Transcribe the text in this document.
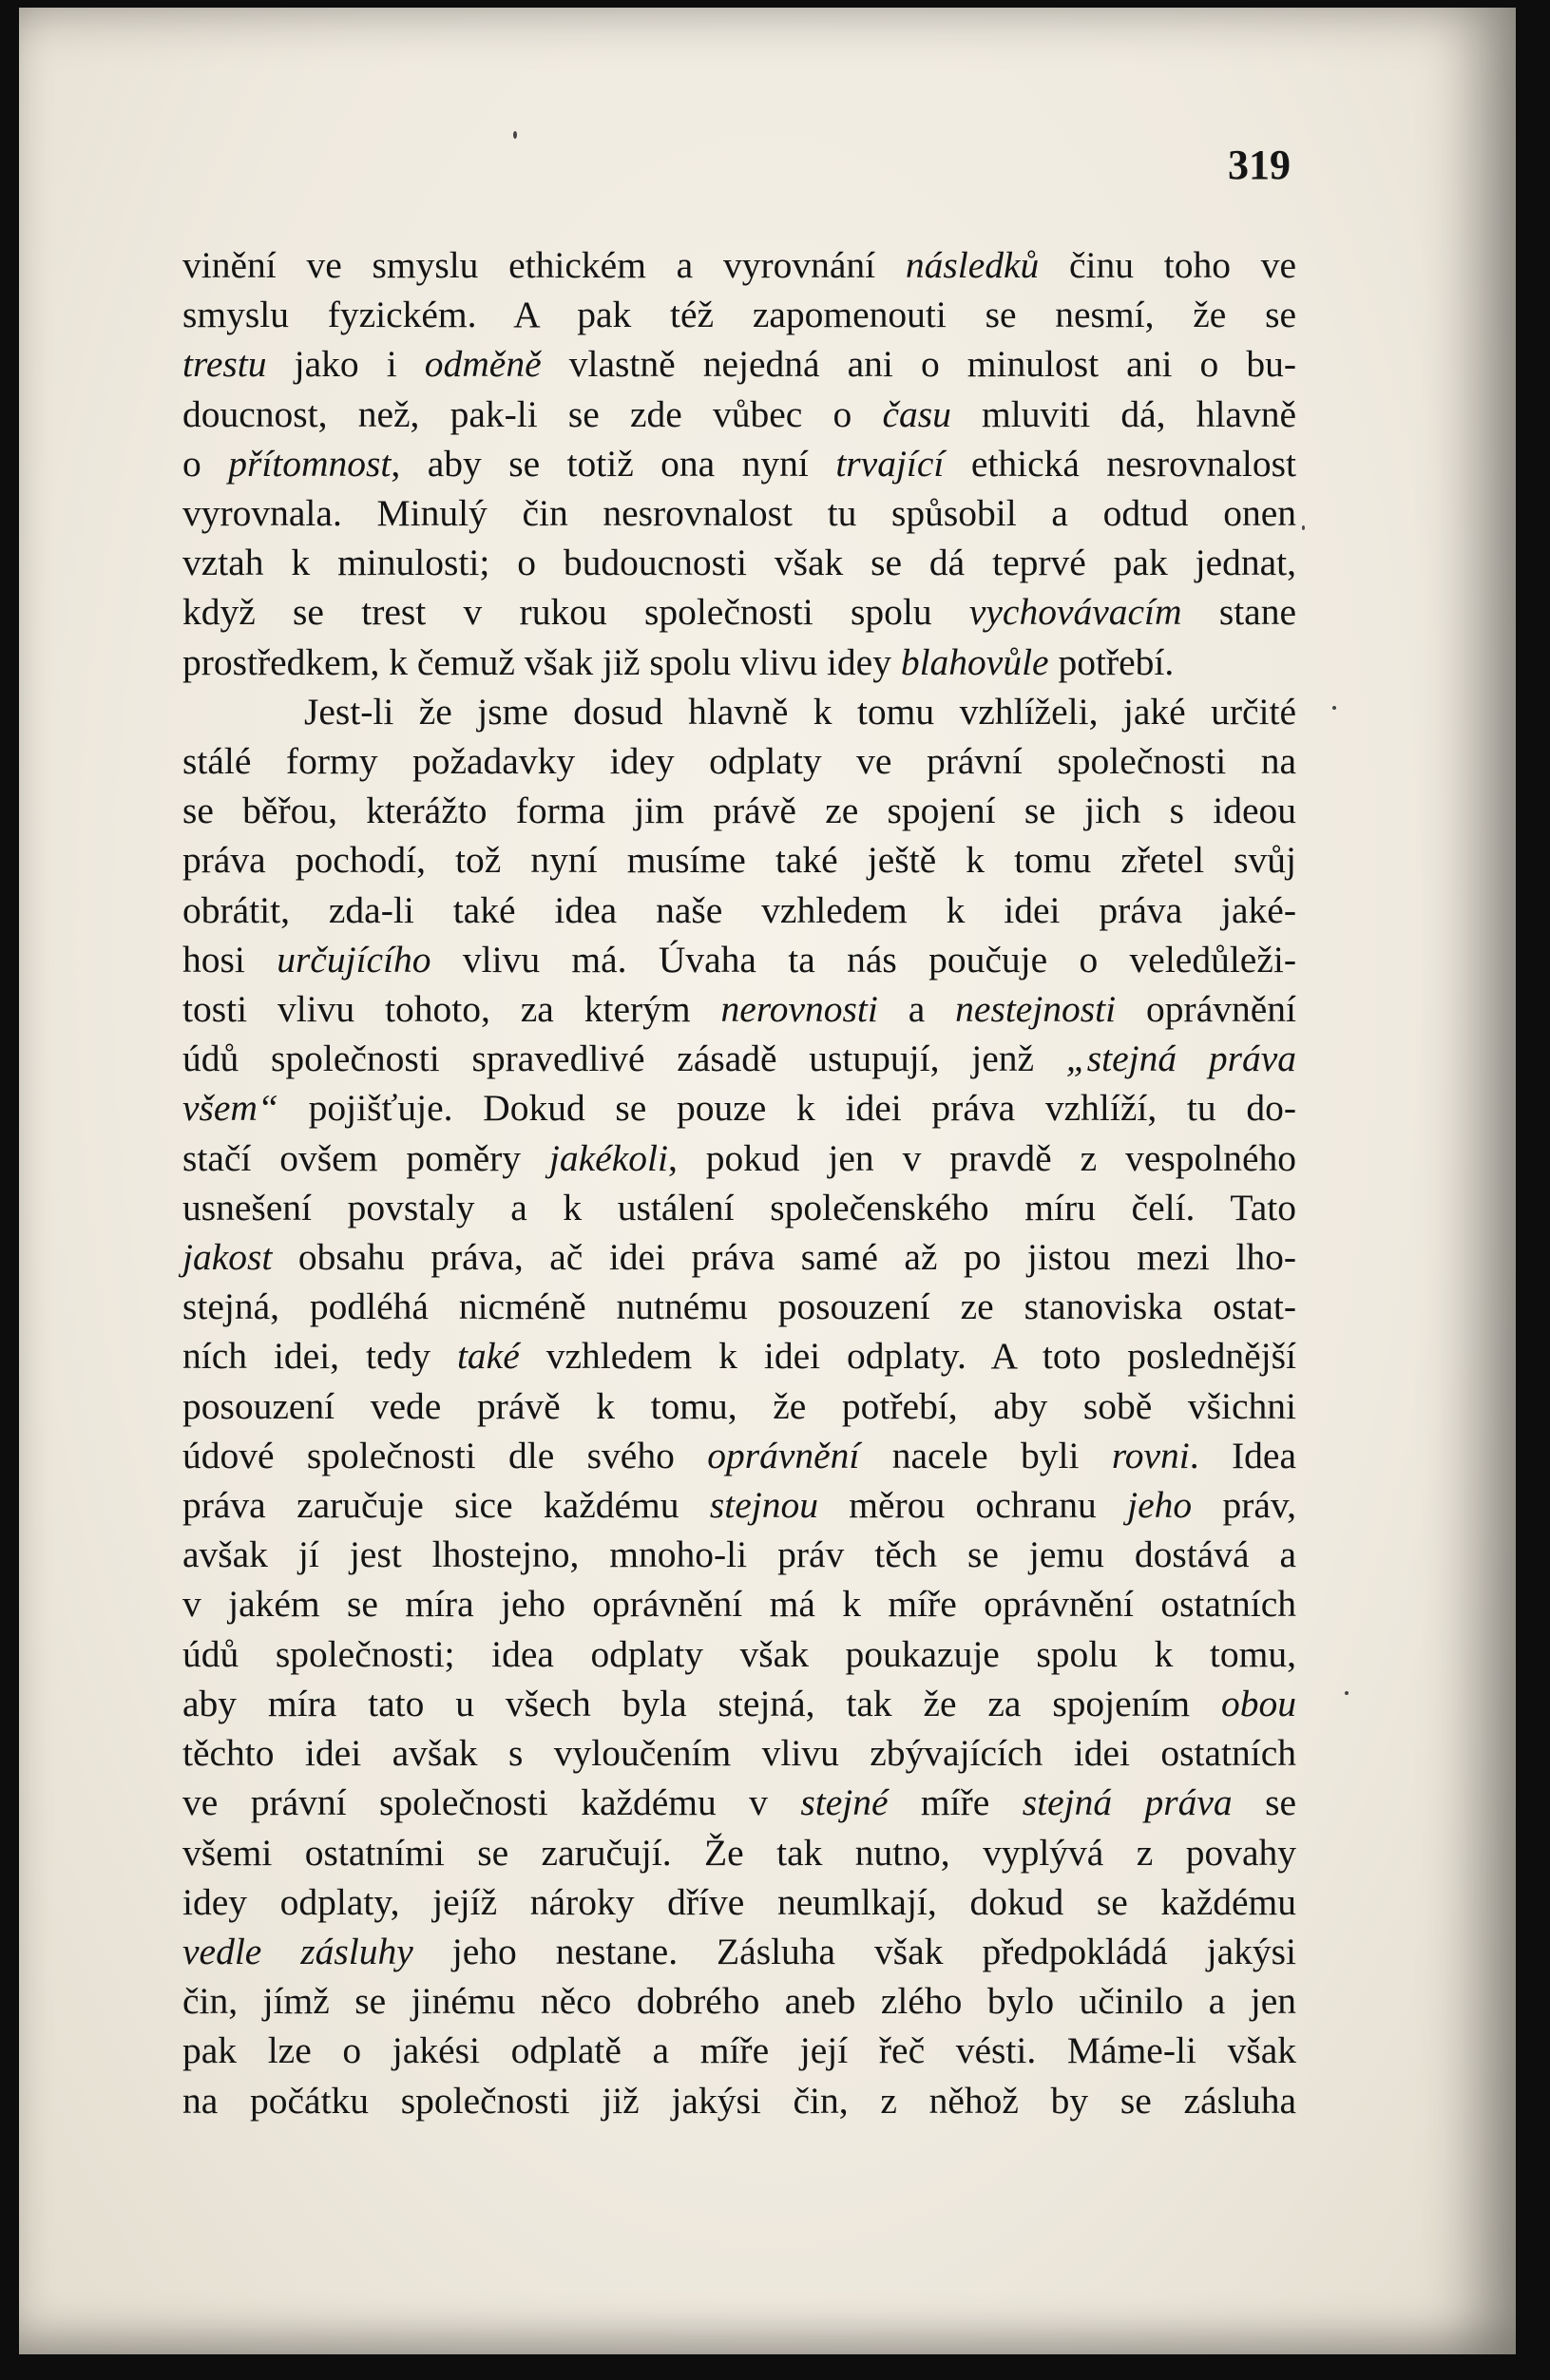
319
vinění ve smyslu ethickém a vyrovnání následků činu toho ve
smyslu fyzickém. A pak též zapomenouti se nesmí, že se
trestu jako i odměně vlastně nejedná ani o minulost ani o bu-
doucnost, než, pak-li se zde vůbec o času mluviti dá, hlavně
o přítomnost, aby se totiž ona nyní trvající ethická nesrovnalost
vyrovnala. Minulý čin nesrovnalost tu spůsobil a odtud onen
vztah k minulosti; o budoucnosti však se dá teprvé pak jednat,
když se trest v rukou společnosti spolu vychovávacím stane
prostředkem, k čemuž však již spolu vlivu idey blahovůle potřebí.
Jest-li že jsme dosud hlavně k tomu vzhlíželi, jaké určité
stálé formy požadavky idey odplaty ve právní společnosti na
se běřou, kterážto forma jim právě ze spojení se jich s ideou
práva pochodí, tož nyní musíme také ještě k tomu zřetel svůj
obrátit, zda-li také idea naše vzhledem k idei práva jaké-
hosi určujícího vlivu má. Úvaha ta nás poučuje o veledůleži-
tosti vlivu tohoto, za kterým nerovnosti a nestejnosti oprávnění
údů společnosti spravedlivé zásadě ustupují, jenž „stejná práva
všem“ pojišťuje. Dokud se pouze k idei práva vzhlíží, tu do-
stačí ovšem poměry jakékoli, pokud jen v pravdě z vespolného
usnešení povstaly a k ustálení společenského míru čelí. Tato
jakost obsahu práva, ač idei práva samé až po jistou mezi lho-
stejná, podléhá nicméně nutnému posouzení ze stanoviska ostat-
ních idei, tedy také vzhledem k idei odplaty. A toto poslednější
posouzení vede právě k tomu, že potřebí, aby sobě všichni
údové společnosti dle svého oprávnění nacele byli rovni. Idea
práva zaručuje sice každému stejnou měrou ochranu jeho práv,
avšak jí jest lhostejno, mnoho-li práv těch se jemu dostává a
v jakém se míra jeho oprávnění má k míře oprávnění ostatních
údů společnosti; idea odplaty však poukazuje spolu k tomu,
aby míra tato u všech byla stejná, tak že za spojením obou
těchto idei avšak s vyloučením vlivu zbývajících idei ostatních
ve právní společnosti každému v stejné míře stejná práva se
všemi ostatními se zaručují. Že tak nutno, vyplývá z povahy
idey odplaty, jejíž nároky dříve neumlkají, dokud se každému
vedle zásluhy jeho nestane. Zásluha však předpokládá jakýsi
čin, jímž se jinému něco dobrého aneb zlého bylo učinilo a jen
pak lze o jakési odplatě a míře její řeč vésti. Máme-li však
na počátku společnosti již jakýsi čin, z něhož by se zásluha
